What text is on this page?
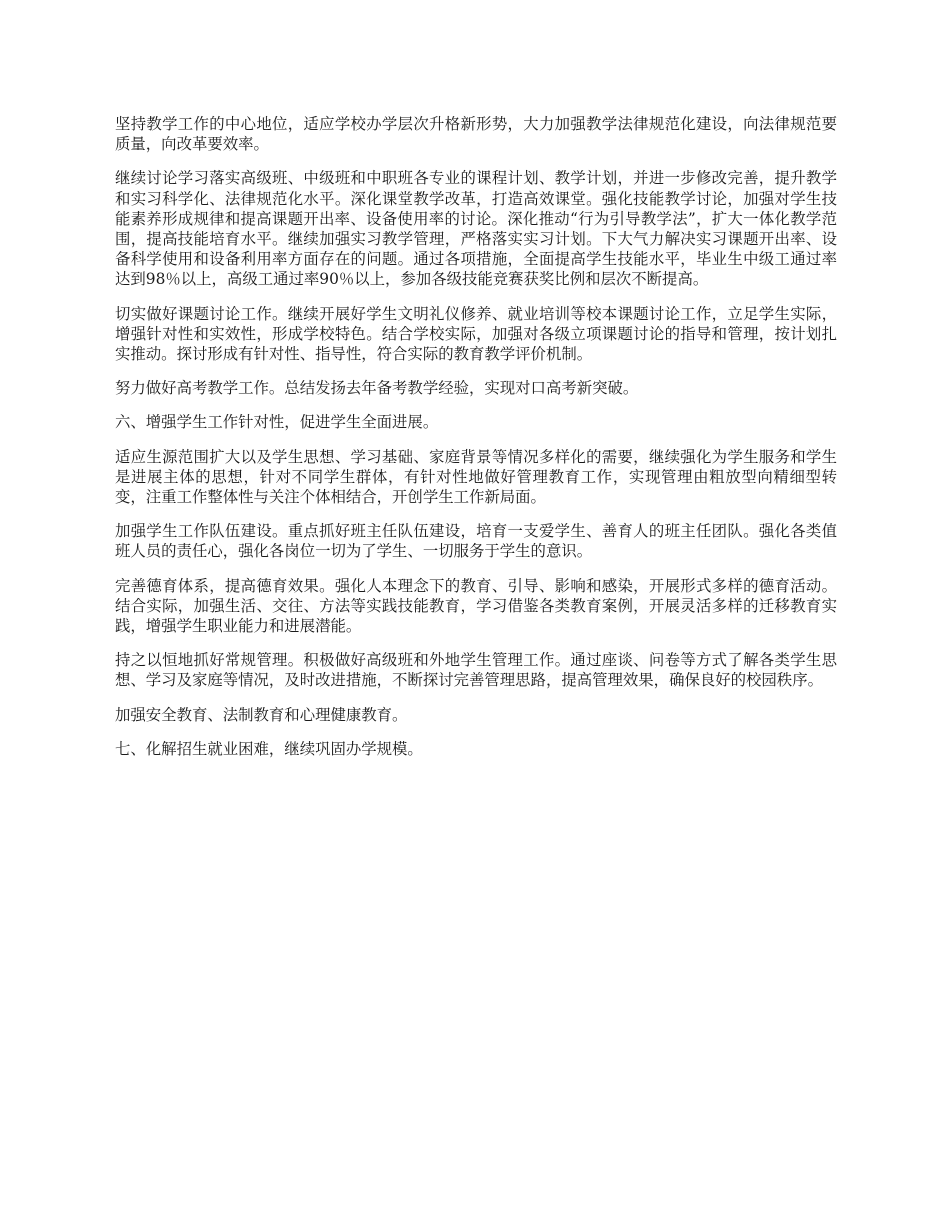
坚持教学工作的中心地位，适应学校办学层次升格新形势，大力加强教学法律规范化建设，向法律规范要质量，向改革要效率。

继续讨论学习落实高级班、中级班和中职班各专业的课程计划、教学计划，并进一步修改完善，提升教学和实习科学化、法律规范化水平。深化课堂教学改革，打造高效课堂。强化技能教学讨论，加强对学生技能素养形成规律和提高课题开出率、设备使用率的讨论。深化推动“行为引导教学法”，扩大一体化教学范围，提高技能培育水平。继续加强实习教学管理，严格落实实习计划。下大气力解决实习课题开出率、设备科学使用和设备利用率方面存在的问题。通过各项措施，全面提高学生技能水平，毕业生中级工通过率达到98％以上，高级工通过率90％以上，参加各级技能竞赛获奖比例和层次不断提高。

切实做好课题讨论工作。继续开展好学生文明礼仪修养、就业培训等校本课题讨论工作，立足学生实际，增强针对性和实效性，形成学校特色。结合学校实际，加强对各级立项课题讨论的指导和管理，按计划扎实推动。探讨形成有针对性、指导性，符合实际的教育教学评价机制。

努力做好高考教学工作。总结发扬去年备考教学经验，实现对口高考新突破。

六、增强学生工作针对性，促进学生全面进展。

适应生源范围扩大以及学生思想、学习基础、家庭背景等情况多样化的需要，继续强化为学生服务和学生是进展主体的思想，针对不同学生群体，有针对性地做好管理教育工作，实现管理由粗放型向精细型转变，注重工作整体性与关注个体相结合，开创学生工作新局面。

加强学生工作队伍建设。重点抓好班主任队伍建设，培育一支爱学生、善育人的班主任团队。强化各类值班人员的责任心，强化各岗位一切为了学生、一切服务于学生的意识。

完善德育体系，提高德育效果。强化人本理念下的教育、引导、影响和感染，开展形式多样的德育活动。结合实际，加强生活、交往、方法等实践技能教育，学习借鉴各类教育案例，开展灵活多样的迁移教育实践，增强学生职业能力和进展潜能。

持之以恒地抓好常规管理。积极做好高级班和外地学生管理工作。通过座谈、问卷等方式了解各类学生思想、学习及家庭等情况，及时改进措施，不断探讨完善管理思路，提高管理效果，确保良好的校园秩序。

加强安全教育、法制教育和心理健康教育。

七、化解招生就业困难，继续巩固办学规模。
